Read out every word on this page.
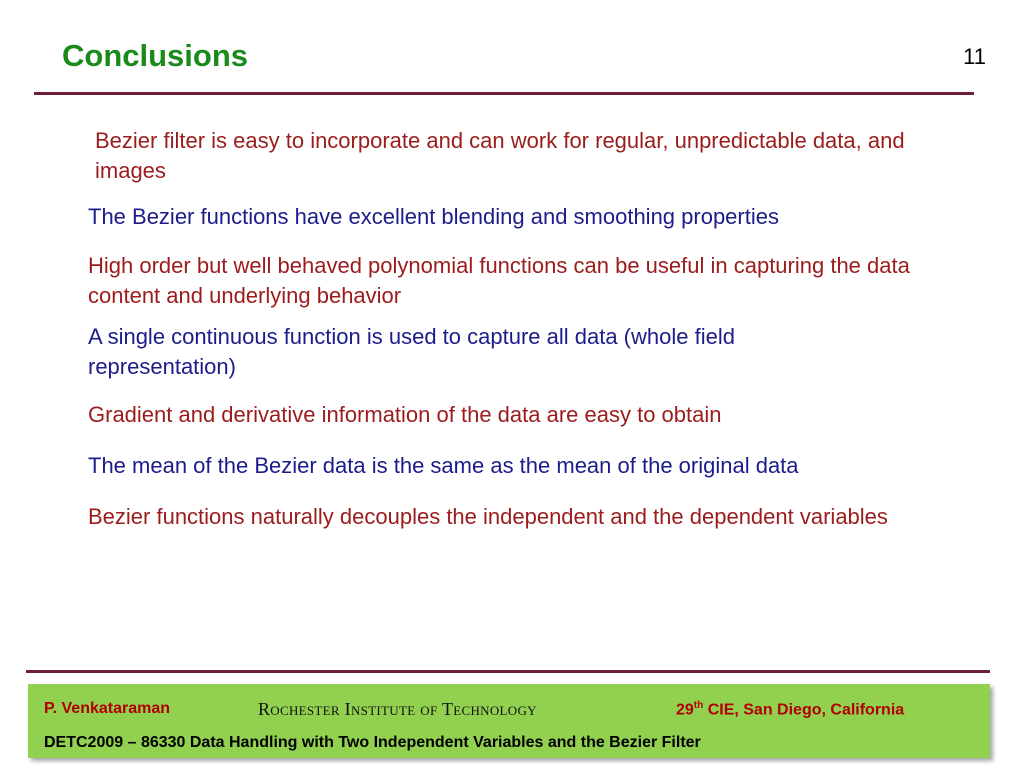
Conclusions	11
Bezier filter is easy to incorporate and can work for regular, unpredictable data, and images
The Bezier functions have excellent blending and smoothing properties
High order but well behaved polynomial functions can be useful in capturing the data content and underlying behavior
A single continuous function is used to capture all data (whole field representation)
Gradient and derivative information of the data are easy to obtain
The mean of the Bezier data is the same as the mean of the original data
Bezier functions naturally decouples the independent and the dependent variables
P. Venkataraman	Rochester Institute of Technology	29th CIE, San Diego, California
DETC2009 – 86330 Data Handling with Two Independent Variables and the Bezier Filter
